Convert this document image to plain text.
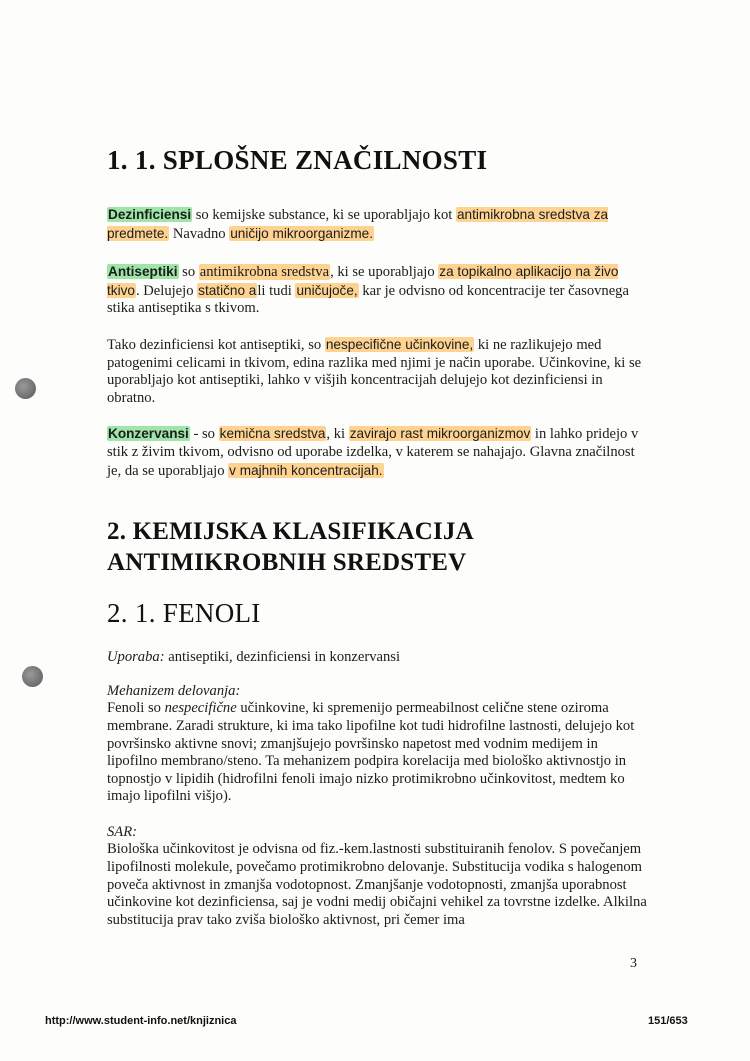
1. 1. SPLOŠNE ZNAČILNOSTI

Dezinficiensi so kemijske substance, ki se uporabljajo kot antimikrobna sredstva za predmete. Navadno uničijo mikroorganizme.

Antiseptiki so antimikrobna sredstva, ki se uporabljajo za topikalno aplikacijo na živo tkivo. Delujejo statično ali tudi uničujoče, kar je odvisno od koncentracije ter časovnega stika antiseptika s tkivom.

Tako dezinficiensi kot antiseptiki, so nespecifične učinkovine, ki ne razlikujejo med patogenimi celicami in tkivom, edina razlika med njimi je način uporabe. Učinkovine, ki se uporabljajo kot antiseptiki, lahko v višjih koncentracijah delujejo kot dezinficiensi in obratno.

Konzervansi - so kemična sredstva, ki zavirajo rast mikroorganizmov in lahko pridejo v stik z živim tkivom, odvisno od uporabe izdelka, v katerem se nahajajo. Glavna značilnost je, da se uporabljajo v majhnih koncentracijah.

2. KEMIJSKA KLASIFIKACIJA
ANTIMIKROBNIH SREDSTEV
2. 1. FENOLI

Uporaba: antiseptiki, dezinficiensi in konzervansi

Mehanizem delovanja:
Fenoli so nespecifične učinkovine, ki spremenijo permeabilnost celične stene oziroma membrane. Zaradi strukture, ki ima tako lipofilne kot tudi hidrofilne lastnosti, delujejo kot površinsko aktivne snovi; zmanjšujejo površinsko napetost med vodnim medijem in lipofilno membrano/steno. Ta mehanizem podpira korelacija med biološko aktivnostjo in topnostjo v lipidih (hidrofilni fenoli imajo nizko protimikrobno učinkovitost, medtem ko imajo lipofilni višjo).

SAR:
Biološka učinkovitost je odvisna od fiz.-kem.lastnosti substituiranih fenolov. S povečanjem lipofilnosti molekule, povečamo protimikrobno delovanje. Substitucija vodika s halogenom poveča aktivnost in zmanjša vodotopnost. Zmanjšanje vodotopnosti, zmanjša uporabnost učinkovine kot dezinficiensa, saj je vodni medij običajni vehikel za tovrstne izdelke. Alkilna substitucija prav tako zviša biološko aktivnost, pri čemer ima

3
http://www.student-info.net/knjiznica	151/653
